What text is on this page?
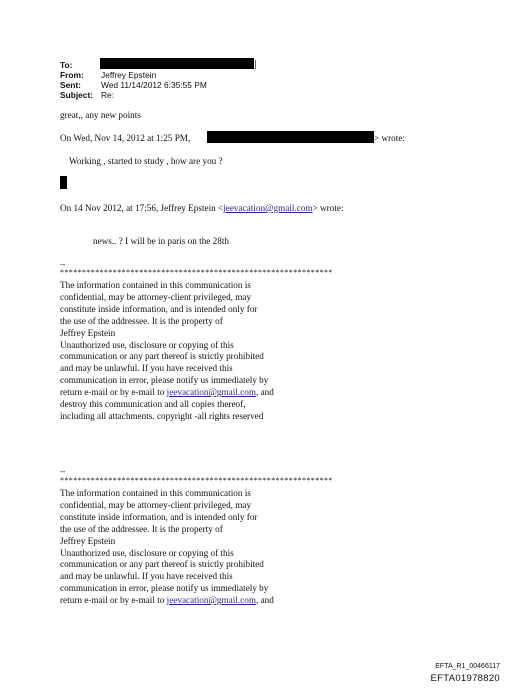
To:
From: Jeffrey Epstein
Sent: Wed 11/14/2012 6:35:55 PM
Subject: Re:
great,, any new points
On Wed, Nov 14, 2012 at 1:25 PM,	> wrote:
Working , started to study , how are you ?
On 14 Nov 2012, at 17:56, Jeffrey Epstein <jeevacation@gmail.com> wrote:
news.. ? I will be in paris on the 28th
--
**************************************************************
The information contained in this communication is
confidential, may be attorney-client privileged, may
constitute inside information, and is intended only for
the use of the addressee. It is the property of
Jeffrey Epstein
Unauthorized use, disclosure or copying of this
communication or any part thereof is strictly prohibited
and may be unlawful. If you have received this
communication in error, please notify us immediately by
return e-mail or by e-mail to jeevacation@gmail.com, and
destroy this communication and all copies thereof,
including all attachments. copyright -all rights reserved
--
**************************************************************
The information contained in this communication is
confidential, may be attorney-client privileged, may
constitute inside information, and is intended only for
the use of the addressee. It is the property of
Jeffrey Epstein
Unauthorized use, disclosure or copying of this
communication or any part thereof is strictly prohibited
and may be unlawful. If you have received this
communication in error, please notify us immediately by
return e-mail or by e-mail to jeevacation@gmail.com, and
EFTA_R1_00466117
EFTA01978820
